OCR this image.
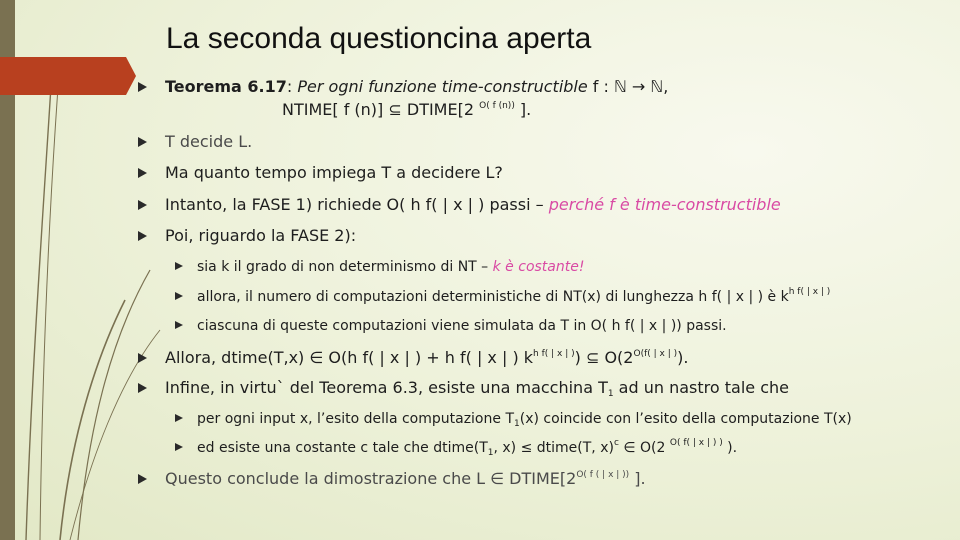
La seconda questioncina aperta
Teorema 6.17: Per ogni funzione time-constructible f : ℕ → ℕ,
NTIME[ f (n)] ⊆ DTIME[2 $^{O( f (n))}$ ].
T decide L.
Ma quanto tempo impiega T a decidere L?
Intanto, la FASE 1) richiede O( h f( | x | ) passi – perché f è time-constructible
Poi, riguardo la FASE 2):
sia k il grado di non determinismo di NT – k è costante!
allora, il numero di computazioni deterministiche di NT(x) di lunghezza h f( | x | ) è $k^{h f( | x | )}$
ciascuna di queste computazioni viene simulata da T in O( h f( | x | )) passi.
Allora, dtime(T,x) ∈ O(h f( | x | ) + h f( | x | ) $k^{h f( | x | )}$) ⊆ $O(2^{O(f( | x | )})$.
Infine, in virtu` del Teorema 6.3, esiste una macchina $T_1$ ad un nastro tale che
per ogni input x, l’esito della computazione $T_1(x)$ coincide con l’esito della computazione T(x)
ed esiste una costante c tale che $dtime(T_1$, x) ≤ dtime(T, x)$^c$ ∈ O(2 $^{O( f( | x | ) )}$ ).
Questo conclude la dimostrazione che L ∈ $DTIME[2^{O( f ( | x | ))}$ ].
